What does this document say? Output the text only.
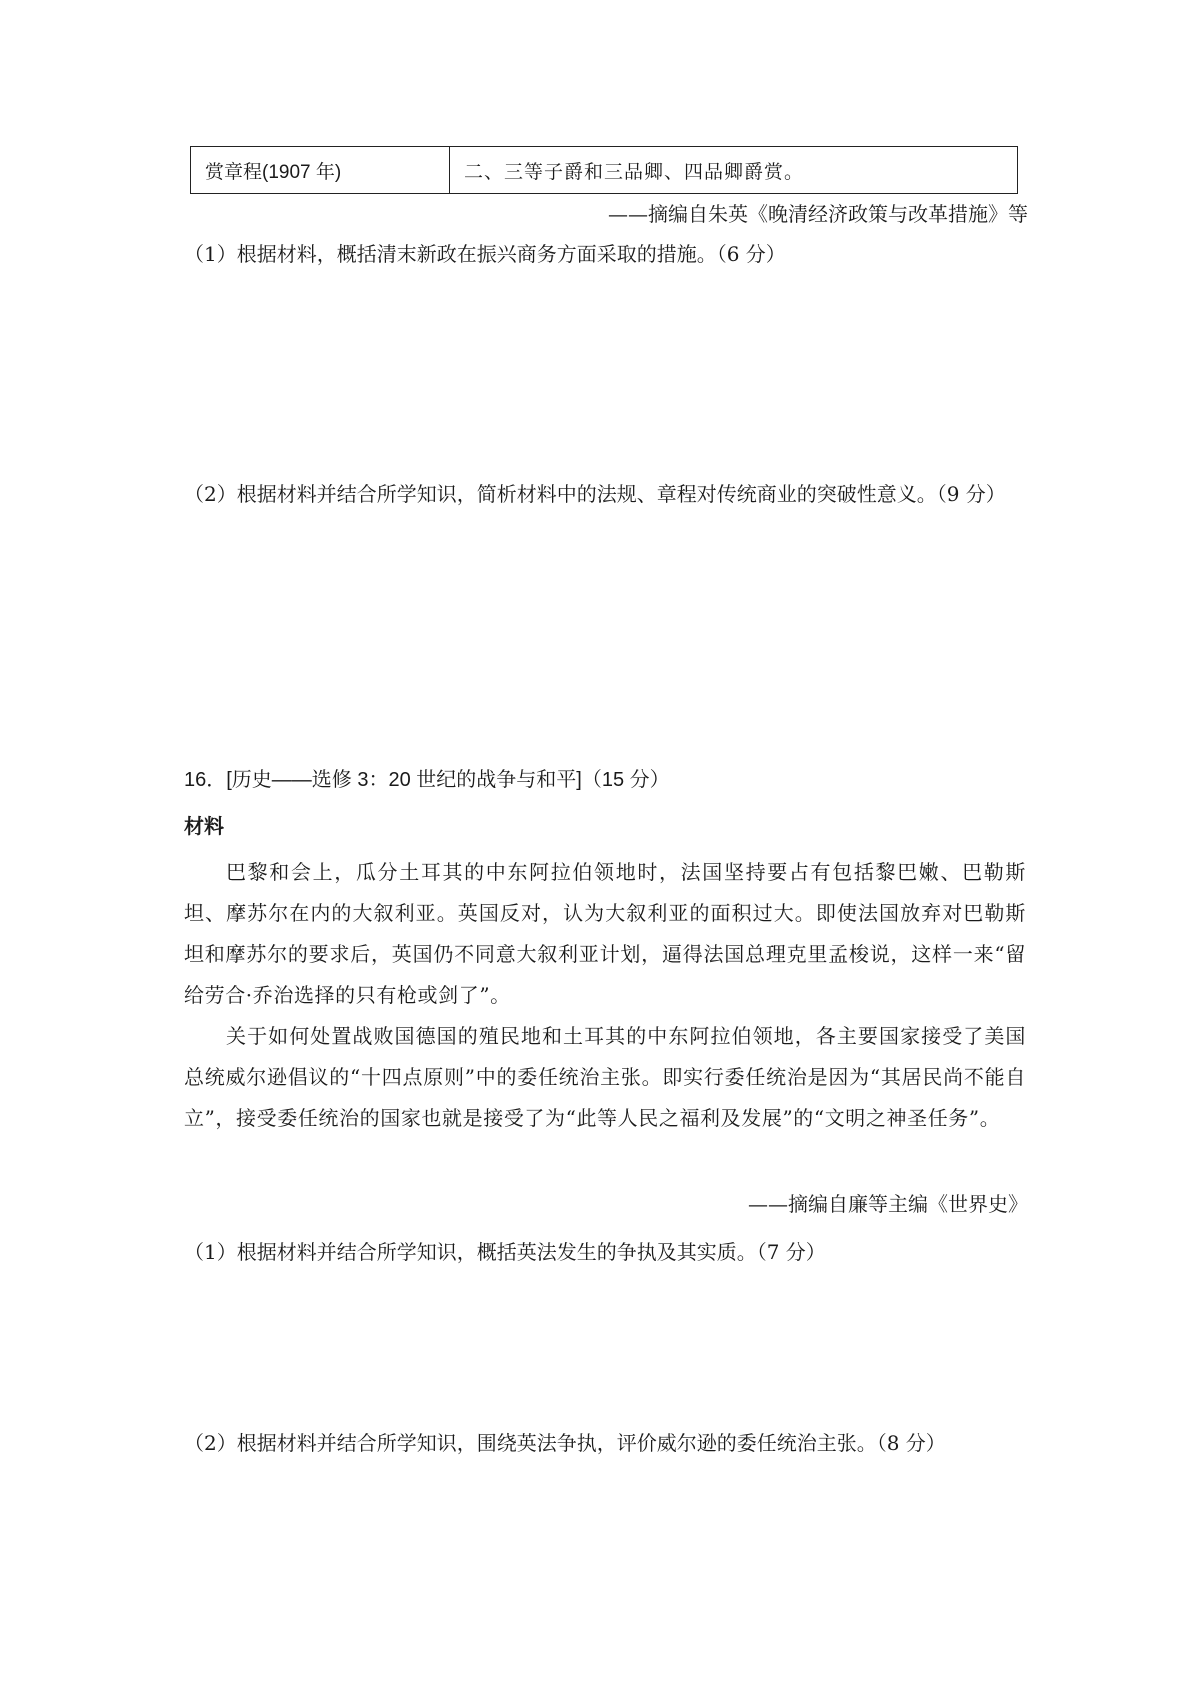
赏章程(1907 年)	二、三等子爵和三品卿、四品卿爵赏。
——摘编自朱英《晚清经济政策与改革措施》等
（1）根据材料，概括清末新政在振兴商务方面采取的措施。（6 分）
（2）根据材料并结合所学知识，简析材料中的法规、章程对传统商业的突破性意义。（9 分）
16．[历史——选修 3：20 世纪的战争与和平]（15 分）
材料

巴黎和会上，瓜分土耳其的中东阿拉伯领地时，法国坚持要占有包括黎巴嫩、巴勒斯坦、摩苏尔在内的大叙利亚。英国反对，认为大叙利亚的面积过大。即使法国放弃对巴勒斯坦和摩苏尔的要求后，英国仍不同意大叙利亚计划，逼得法国总理克里孟梭说，这样一来“留给劳合·乔治选择的只有枪或剑了”。

关于如何处置战败国德国的殖民地和土耳其的中东阿拉伯领地，各主要国家接受了美国总统威尔逊倡议的“十四点原则”中的委任统治主张。即实行委任统治是因为“其居民尚不能自立”，接受委任统治的国家也就是接受了为“此等人民之福利及发展”的“文明之神圣任务”。

——摘编自廉等主编《世界史》
（1）根据材料并结合所学知识，概括英法发生的争执及其实质。（7 分）
（2）根据材料并结合所学知识，围绕英法争执，评价威尔逊的委任统治主张。（8 分）
